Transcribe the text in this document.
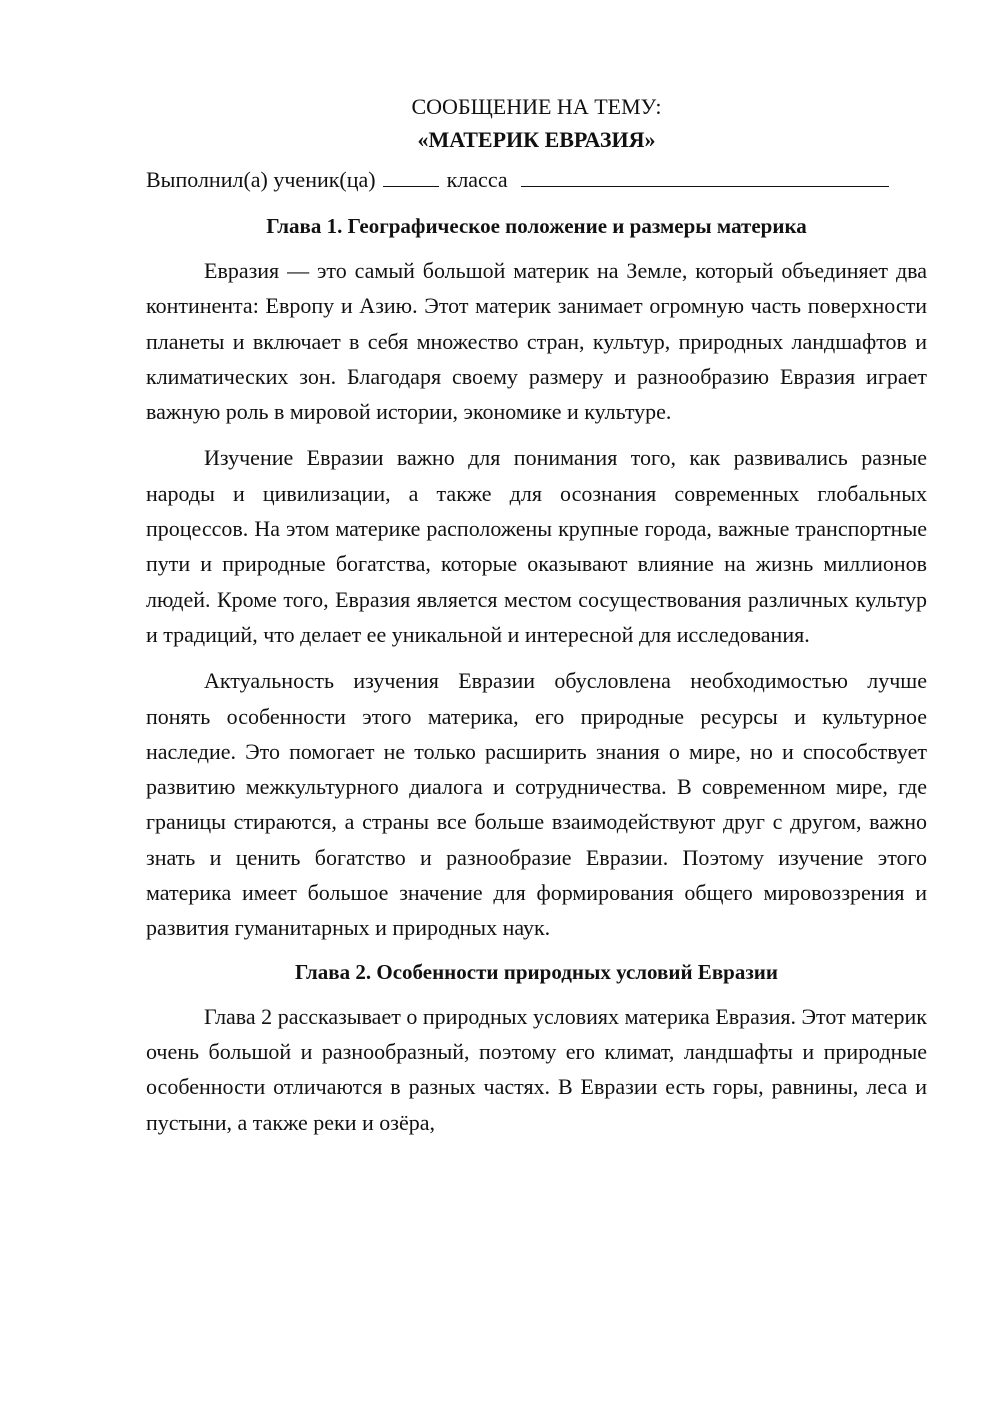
СООБЩЕНИЕ НА ТЕМУ:
«МАТЕРИК ЕВРАЗИЯ»
Выполнил(а) ученик(ца)	класса
Глава 1. Географическое положение и размеры материка

Евразия — это самый большой материк на Земле, который объединяет два континента: Европу и Азию. Этот материк занимает огромную часть поверхности планеты и включает в себя множество стран, культур, природных ландшафтов и климатических зон. Благодаря своему размеру и разнообразию Евразия играет важную роль в мировой истории, экономике и культуре.

Изучение Евразии важно для понимания того, как развивались разные народы и цивилизации, а также для осознания современных глобальных процессов. На этом материке расположены крупные города, важные транспортные пути и природные богатства, которые оказывают влияние на жизнь миллионов людей. Кроме того, Евразия является местом сосуществования различных культур и традиций, что делает ее уникальной и интересной для исследования.

Актуальность изучения Евразии обусловлена необходимостью лучше понять особенности этого материка, его природные ресурсы и культурное наследие. Это помогает не только расширить знания о мире, но и способствует развитию межкультурного диалога и сотрудничества. В современном мире, где границы стираются, а страны все больше взаимодействуют друг с другом, важно знать и ценить богатство и разнообразие Евразии. Поэтому изучение этого материка имеет большое значение для формирования общего мировоззрения и развития гуманитарных и природных наук.

Глава 2. Особенности природных условий Евразии

Глава 2 рассказывает о природных условиях материка Евразия. Этот материк очень большой и разнообразный, поэтому его климат, ландшафты и природные особенности отличаются в разных частях. В Евразии есть горы, равнины, леса и пустыни, а также реки и озёра,
